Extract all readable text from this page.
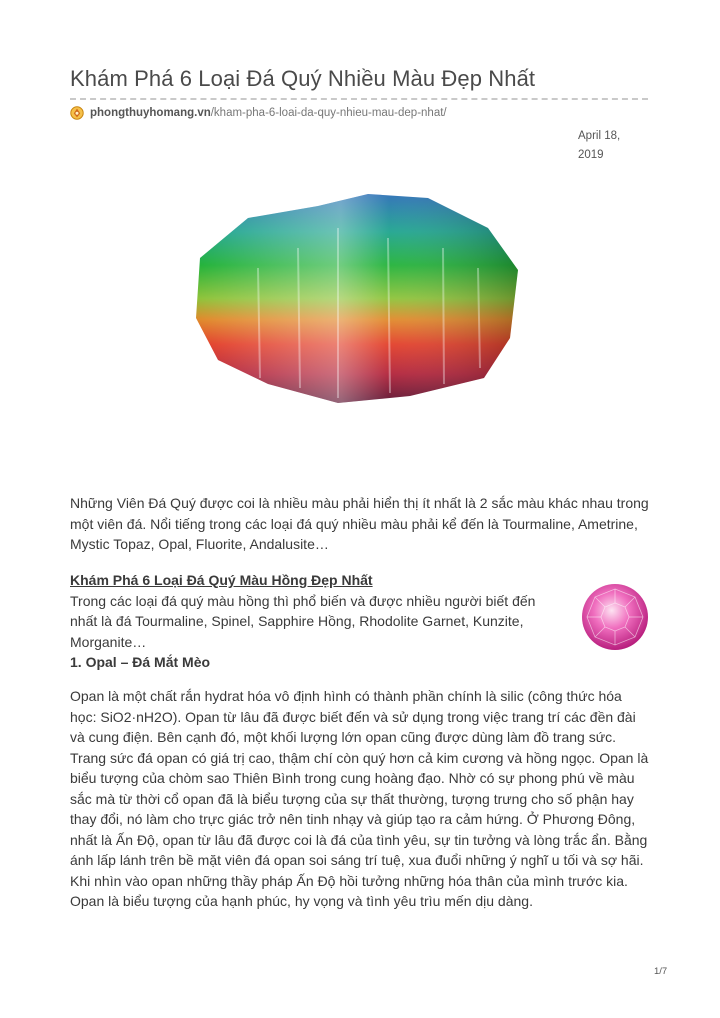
Khám Phá 6 Loại Đá Quý Nhiều Màu Đẹp Nhất
phongthuyhomang.vn /kham-pha-6-loai-da-quy-nhieu-mau-dep-nhat/
April 18,
2019
Những Viên Đá Quý được coi là nhiều màu phải hiển thị ít nhất là 2 sắc màu khác nhau trong một viên đá. Nổi tiếng trong các loại đá quý nhiều màu phải kể đến là Tourmaline, Ametrine, Mystic Topaz, Opal, Fluorite, Andalusite…
Khám Phá 6 Loại Đá Quý Màu Hồng Đẹp Nhất
Trong các loại đá quý màu hồng thì phổ biến và được nhiều người biết đến nhất là đá Tourmaline, Spinel, Sapphire Hồng, Rhodolite Garnet, Kunzite, Morganite…
1. Opal – Đá Mắt Mèo
Opan là một chất rắn hydrat hóa vô định hình có thành phần chính là silic (công thức hóa học: SiO2·nH2O). Opan từ lâu đã được biết đến và sử dụng trong việc trang trí các đền đài và cung điện. Bên cạnh đó, một khối lượng lớn opan cũng được dùng làm đồ trang sức. Trang sức đá opan có giá trị cao, thậm chí còn quý hơn cả kim cương và hồng ngọc. Opan là biểu tượng của chòm sao Thiên Bình trong cung hoàng đạo. Nhờ có sự phong phú về màu sắc mà từ thời cổ opan đã là biểu tượng của sự thất thường, tượng trưng cho số phận hay thay đổi, nó làm cho trực giác trở nên tinh nhạy và giúp tạo ra cảm hứng. Ở Phương Đông, nhất là Ấn Độ, opan từ lâu đã được coi là đá của tình yêu, sự tin tưởng và lòng trắc ẩn. Bằng ánh lấp lánh trên bề mặt viên đá opan soi sáng trí tuệ, xua đuổi những ý nghĩ u tối và sợ hãi. Khi nhìn vào opan những thầy pháp Ấn Độ hồi tưởng những hóa thân của mình trước kia. Opan là biểu tượng của hạnh phúc, hy vọng và tình yêu trìu mến dịu dàng.
1/7
